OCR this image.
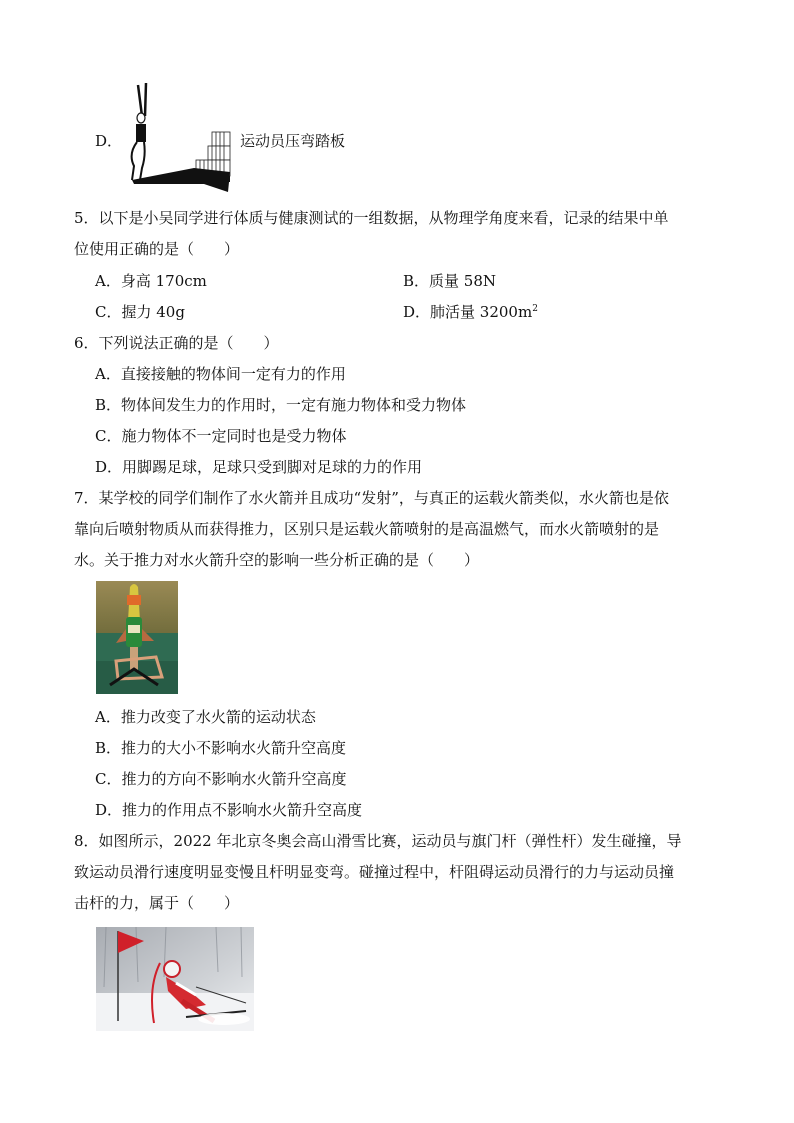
D．	运动员压弯踏板
5．以下是小吴同学进行体质与健康测试的一组数据，从物理学角度来看，记录的结果中单
位使用正确的是（　　）
A．身高 170cm	B．质量 58N
C．握力 40g	D．肺活量 $3200m^2$
6．下列说法正确的是（　　）
A．直接接触的物体间一定有力的作用
B．物体间发生力的作用时，一定有施力物体和受力物体
C．施力物体不一定同时也是受力物体
D．用脚踢足球，足球只受到脚对足球的力的作用
7．某学校的同学们制作了水火箭并且成功“发射”，与真正的运载火箭类似，水火箭也是依
靠向后喷射物质从而获得推力，区别只是运载火箭喷射的是高温燃气，而水火箭喷射的是
水。关于推力对水火箭升空的影响一些分析正确的是（　　）
A．推力改变了水火箭的运动状态
B．推力的大小不影响水火箭升空高度
C．推力的方向不影响水火箭升空高度
D．推力的作用点不影响水火箭升空高度
8．如图所示，2022 年北京冬奥会高山滑雪比赛，运动员与旗门杆（弹性杆）发生碰撞，导
致运动员滑行速度明显变慢且杆明显变弯。碰撞过程中，杆阻碍运动员滑行的力与运动员撞
击杆的力，属于（　　）
